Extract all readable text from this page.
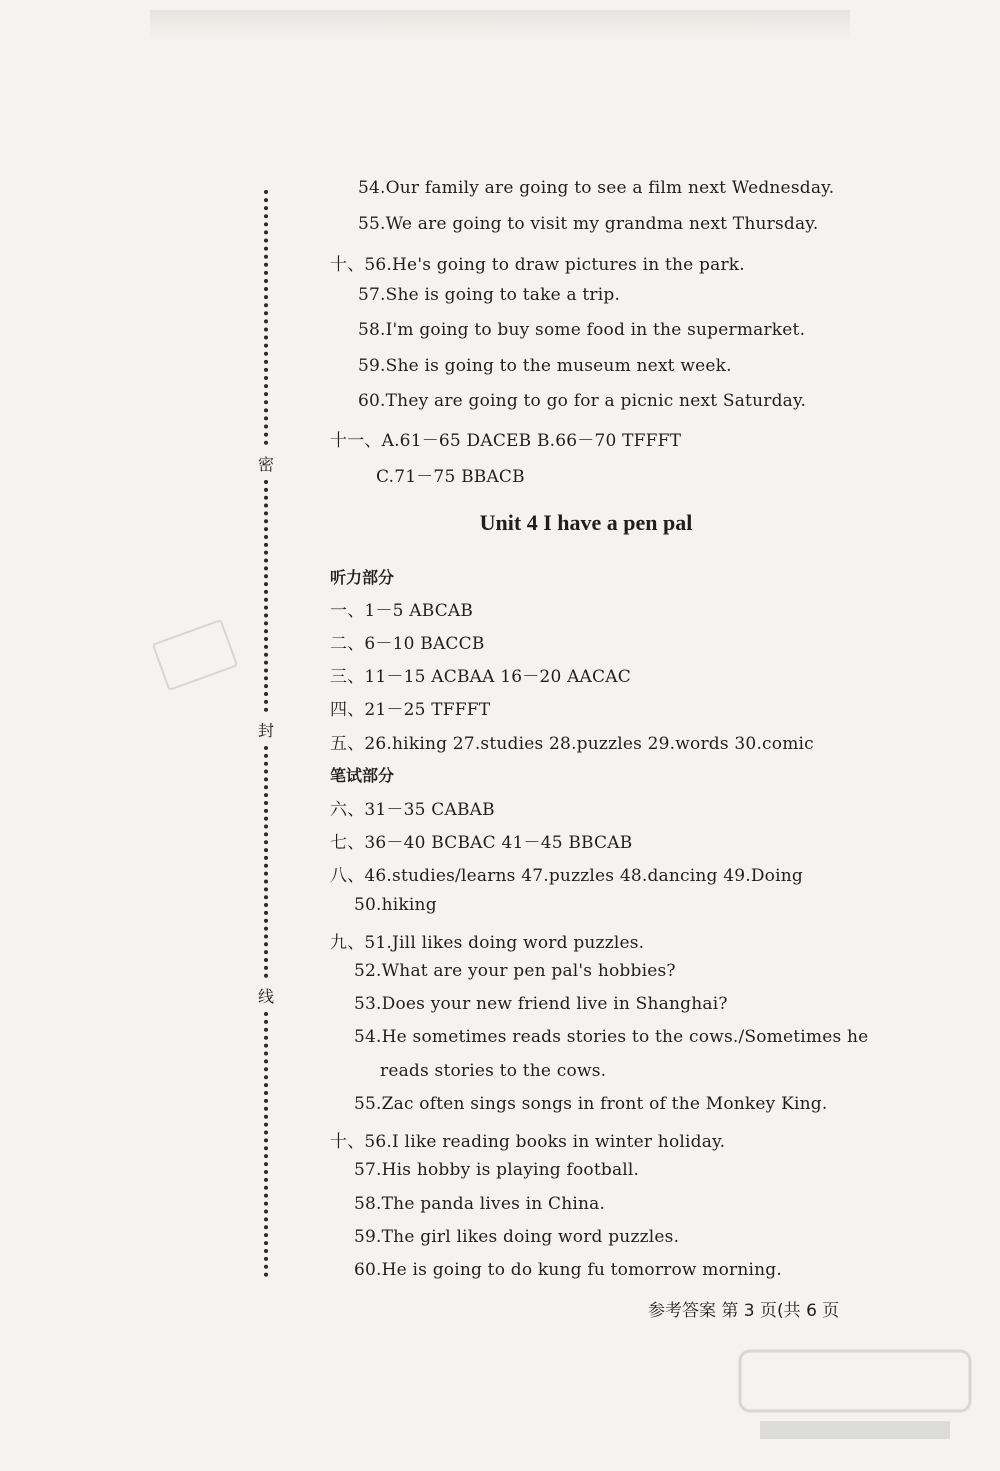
密
封
线
54.Our family are going to see a film next Wednesday.
55.We are going to visit my grandma next Thursday.
十、56.He's going to draw pictures in the park.
57.She is going to take a trip.
58.I'm going to buy some food in the supermarket.
59.She is going to the museum next week.
60.They are going to go for a picnic next Saturday.
十一、A.61－65 DACEB B.66－70 TFFFT
C.71－75 BBACB
Unit 4 I have a pen pal
听力部分
一、1－5 ABCAB
二、6－10 BACCB
三、11－15 ACBAA 16－20 AACAC
四、21－25 TFFFT
五、26.hiking 27.studies 28.puzzles 29.words 30.comic
笔试部分
六、31－35 CABAB
七、36－40 BCBAC 41－45 BBCAB
八、46.studies/learns 47.puzzles 48.dancing 49.Doing
50.hiking
九、51.Jill likes doing word puzzles.
52.What are your pen pal's hobbies?
53.Does your new friend live in Shanghai?
54.He sometimes reads stories to the cows./Sometimes he
reads stories to the cows.
55.Zac often sings songs in front of the Monkey King.
十、56.I like reading books in winter holiday.
57.His hobby is playing football.
58.The panda lives in China.
59.The girl likes doing word puzzles.
60.He is going to do kung fu tomorrow morning.
参考答案 第 3 页(共 6 页
